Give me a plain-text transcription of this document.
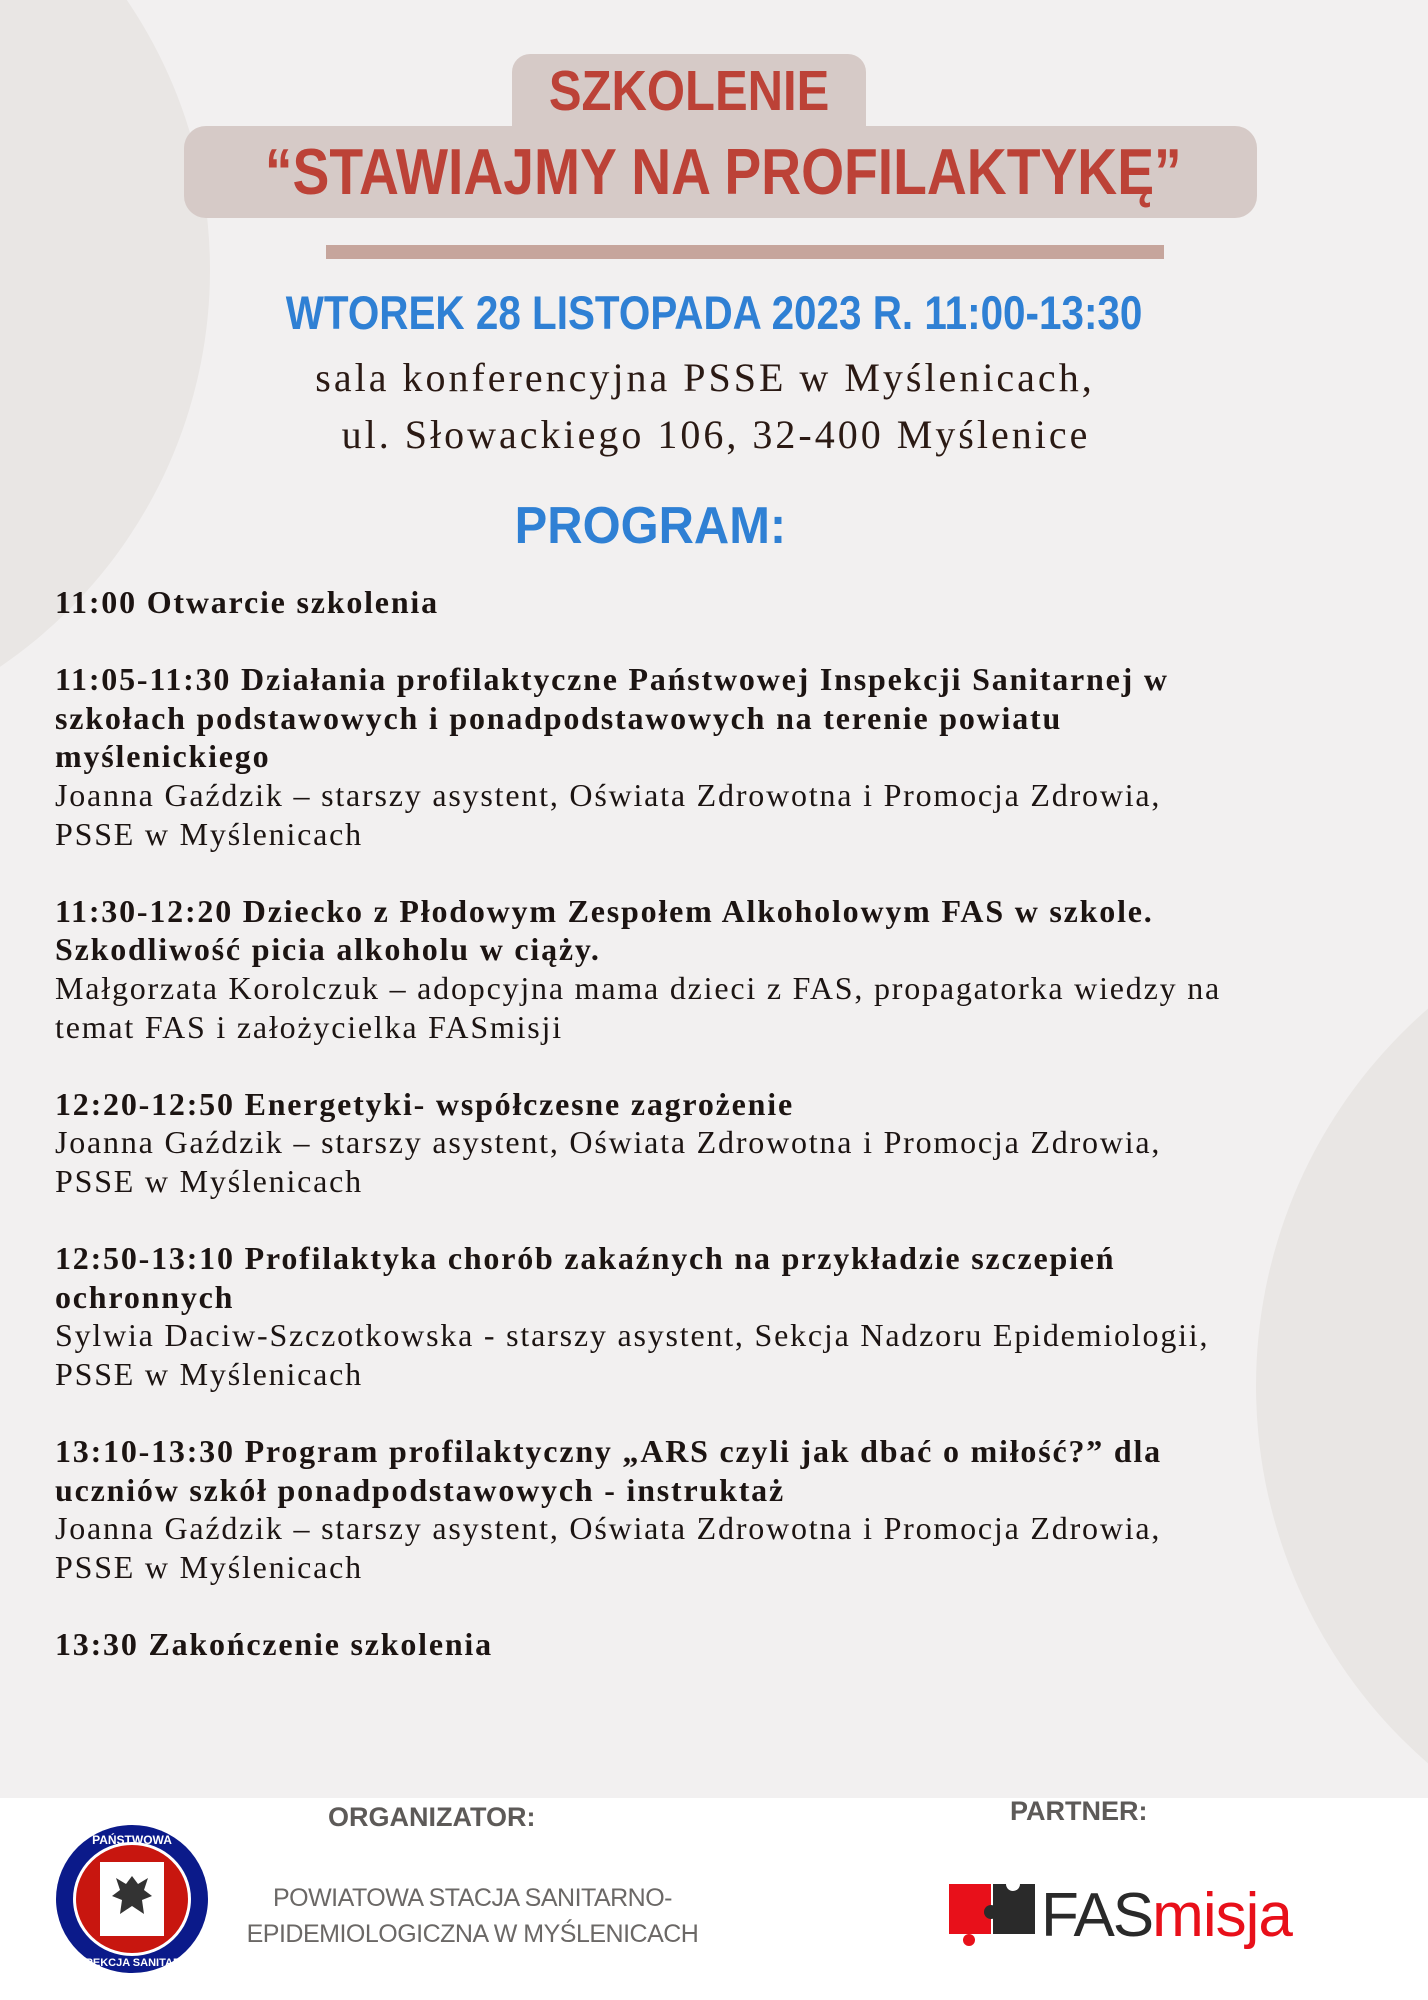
SZKOLENIE
“STAWIAJMY NA PROFILAKTYKĘ”
WTOREK 28 LISTOPADA 2023 R. 11:00-13:30
sala konferencyjna PSSE w Myślenicach,
ul. Słowackiego 106, 32-400 Myślenice
PROGRAM:
11:00 Otwarcie szkolenia
11:05-11:30 Działania profilaktyczne Państwowej Inspekcji Sanitarnej w
szkołach podstawowych i ponadpodstawowych na terenie powiatu
myślenickiego
Joanna Gaździk – starszy asystent, Oświata Zdrowotna i Promocja Zdrowia,
PSSE w Myślenicach
11:30-12:20 Dziecko z Płodowym Zespołem Alkoholowym FAS w szkole.
Szkodliwość picia alkoholu w ciąży.
Małgorzata Korolczuk – adopcyjna mama dzieci z FAS, propagatorka wiedzy na
temat FAS i założycielka FASmisji
12:20-12:50 Energetyki- współczesne zagrożenie
Joanna Gaździk – starszy asystent, Oświata Zdrowotna i Promocja Zdrowia,
PSSE w Myślenicach
12:50-13:10 Profilaktyka chorób zakaźnych na przykładzie szczepień
ochronnych
Sylwia Daciw-Szczotkowska - starszy asystent, Sekcja Nadzoru Epidemiologii,
PSSE w Myślenicach
13:10-13:30 Program profilaktyczny „ARS czyli jak dbać o miłość?” dla
uczniów szkół ponadpodstawowych - instruktaż
Joanna Gaździk – starszy asystent, Oświata Zdrowotna i Promocja Zdrowia,
PSSE w Myślenicach
13:30 Zakończenie szkolenia
ORGANIZATOR:
PAŃSTWOWA
INSPEKCJA SANITARNA
POWIATOWA STACJA SANITARNO-
EPIDEMIOLOGICZNA W MYŚLENICACH
PARTNER:
FAS misja
